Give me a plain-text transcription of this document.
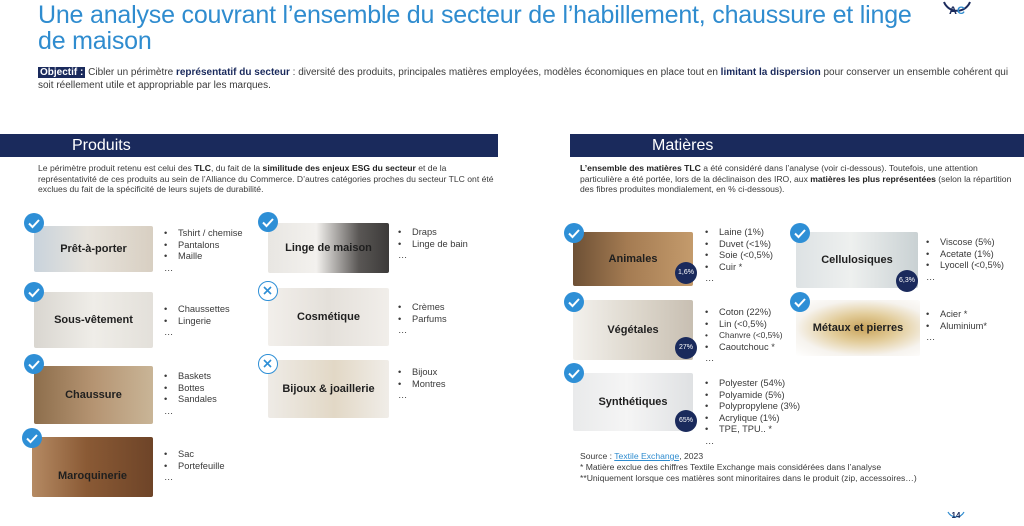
Une analyse couvrant l’ensemble du secteur de l’habillement, chaussure et linge de maison
A C

Objectif : Cibler un périmètre représentatif du secteur : diversité des produits, principales matières employées, modèles économiques en place tout en limitant la dispersion pour conserver un ensemble cohérent qui soit réellement utile et appropriable par les marques.

Produits

Le périmètre produit retenu est celui des TLC, du fait de la similitude des enjeux ESG du secteur et de la représentativité de ces produits au sein de l’Alliance du Commerce. D’autres catégories proches du secteur TLC ont été exclues du fait de la spécificité de leurs sujets de durabilité.

Prêt-à-porter
• Tshirt / chemise
• Pantalons
• Maille
…
Sous-vêtement
• Chaussettes
• Lingerie
…
Chaussure
• Baskets
• Bottes
• Sandales
…
Maroquinerie
• Sac
• Portefeuille
…
Linge de maison
• Draps
• Linge de bain
…
Cosmétique
• Crèmes
• Parfums
…
Bijoux & joaillerie
• Bijoux
• Montres
…
Matières

L’ensemble des matières TLC a été considéré dans l’analyse (voir ci-dessous). Toutefois, une attention particulière a été portée, lors de la déclinaison des IRO, aux matières les plus représentées (selon la répartition des fibres produites mondialement, en % ci-dessous).

Animales
1,6%
• Laine (1%)
• Duvet (<1%)
• Soie (<0,5%)
• Cuir *
…
Végétales
27%
• Coton (22%)
• Lin (<0,5%)
• Chanvre (<0,5%)
• Caoutchouc *
…
Synthétiques
65%
• Polyester (54%)
• Polyamide (5%)
• Polypropylene (3%)
• Acrylique (1%)
• TPE, TPU.. *
…
Cellulosiques
6,3%
• Viscose (5%)
• Acetate (1%)
• Lyocell (<0,5%)
…
Métaux et pierres
• Acier *
• Aluminium*
…
Source : Textile Exchange, 2023
* Matière exclue des chiffres Textile Exchange mais considérées dans l’analyse
**Uniquement lorsque ces matières sont minoritaires dans le produit (zip, accessoires…)
14
